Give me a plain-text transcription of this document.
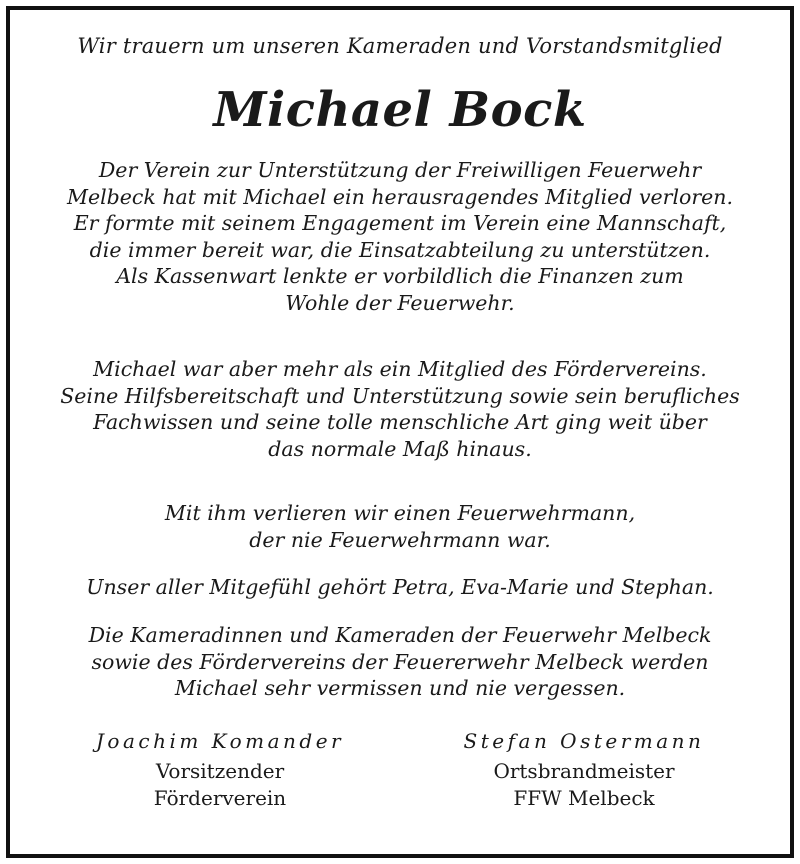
Wir trauern um unseren Kameraden und Vorstandsmitglied
Michael Bock
Der Verein zur Unterstützung der Freiwilligen Feuerwehr
Melbeck hat mit Michael ein herausragendes Mitglied verloren.
Er formte mit seinem Engagement im Verein eine Mannschaft,
die immer bereit war, die Einsatzabteilung zu unterstützen.
Als Kassenwart lenkte er vorbildlich die Finanzen zum
Wohle der Feuerwehr.
Michael war aber mehr als ein Mitglied des Fördervereins.
Seine Hilfsbereitschaft und Unterstützung sowie sein berufliches
Fachwissen und seine tolle menschliche Art ging weit über
das normale Maß hinaus.
Mit ihm verlieren wir einen Feuerwehrmann,
der nie Feuerwehrmann war.
Unser aller Mitgefühl gehört Petra, Eva-Marie und Stephan.
Die Kameradinnen und Kameraden der Feuerwehr Melbeck
sowie des Fördervereins der Feuererwehr Melbeck werden
Michael sehr vermissen und nie vergessen.
Joachim Komander
Vorsitzender
Förderverein
Stefan Ostermann
Ortsbrandmeister
FFW Melbeck
